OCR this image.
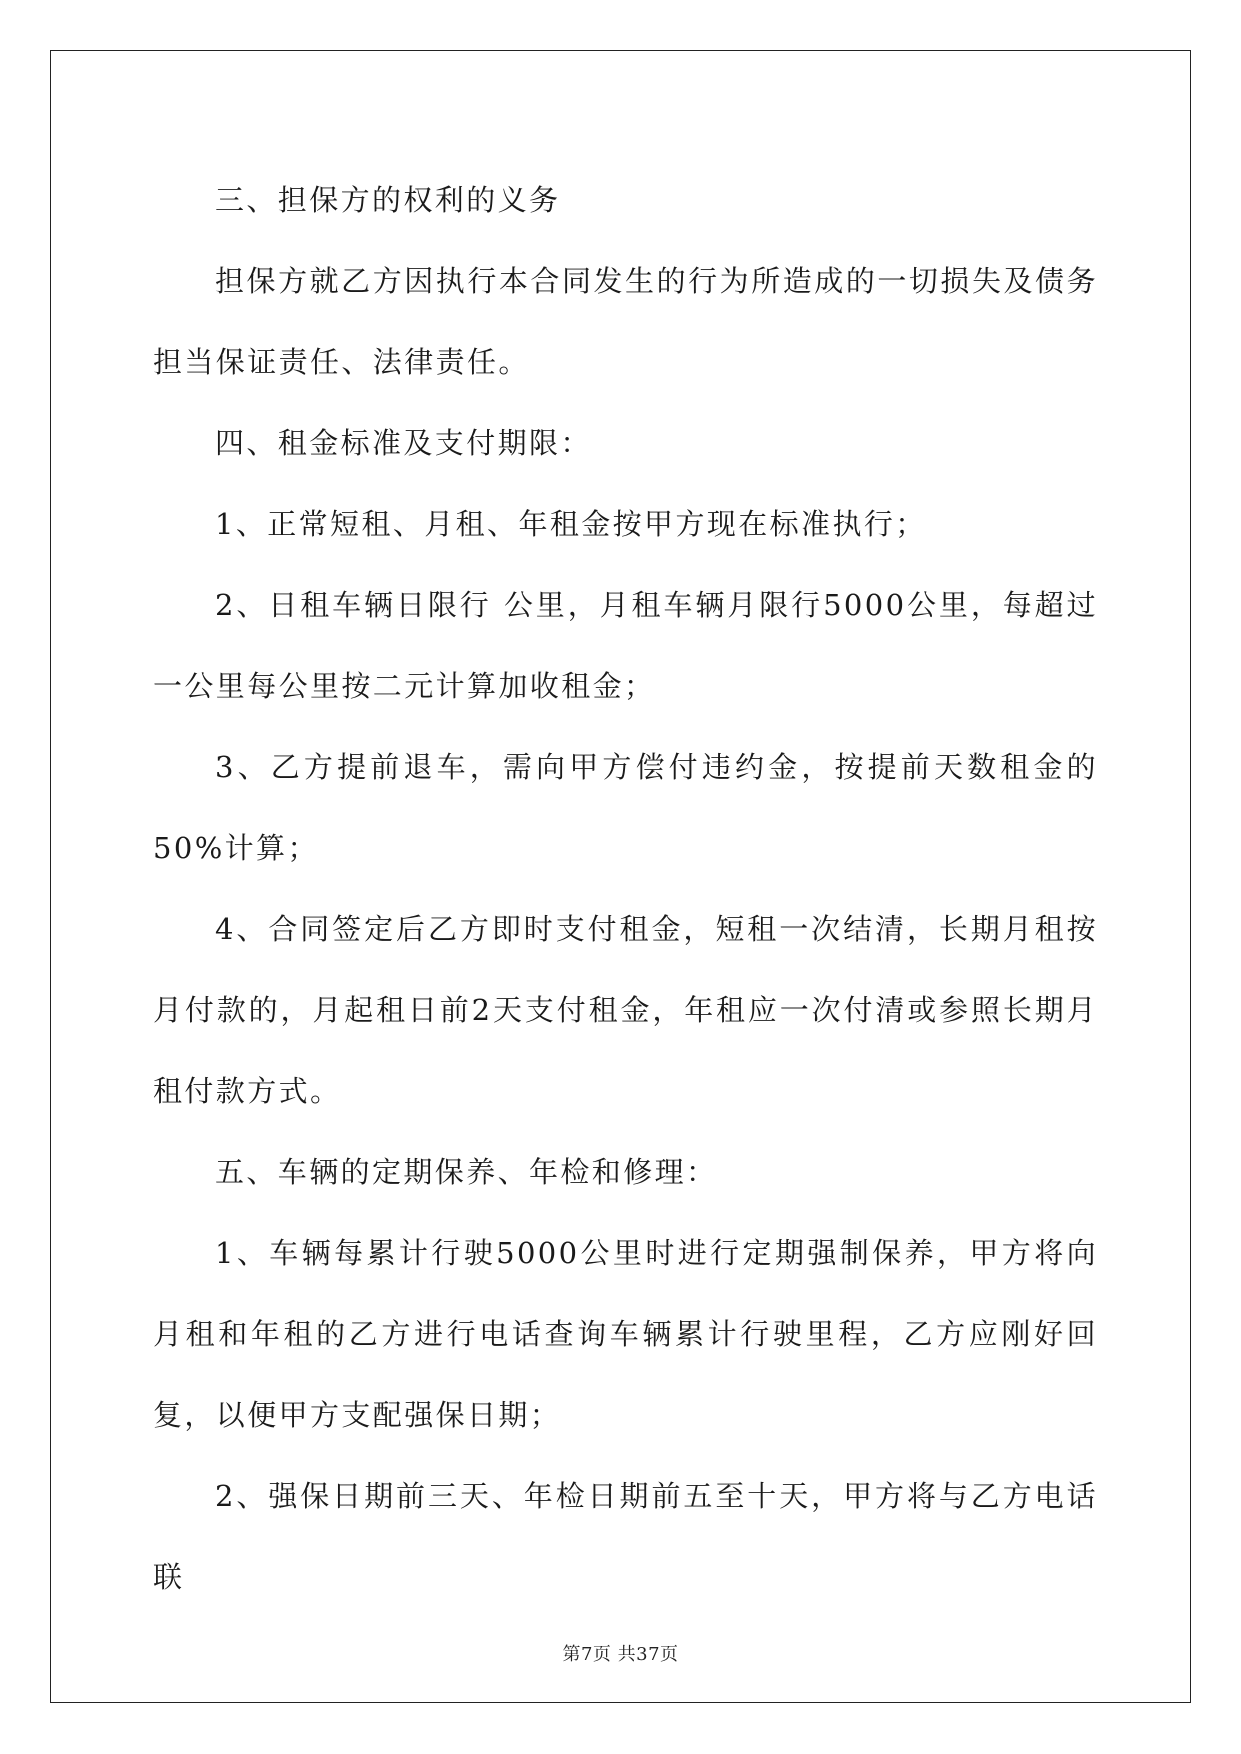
三、担保方的权利的义务

担保方就乙方因执行本合同发生的行为所造成的一切损失及债务担当保证责任、法律责任。

四、租金标准及支付期限：

1、正常短租、月租、年租金按甲方现在标准执行；

2、日租车辆日限行 公里，月租车辆月限行5000公里，每超过一公里每公里按二元计算加收租金；

3、乙方提前退车，需向甲方偿付违约金，按提前天数租金的50%计算；

4、合同签定后乙方即时支付租金，短租一次结清，长期月租按月付款的，月起租日前2天支付租金，年租应一次付清或参照长期月租付款方式。

五、车辆的定期保养、年检和修理：

1、车辆每累计行驶5000公里时进行定期强制保养，甲方将向月租和年租的乙方进行电话查询车辆累计行驶里程，乙方应刚好回复，以便甲方支配强保日期；

2、强保日期前三天、年检日期前五至十天，甲方将与乙方电话联

第7页 共37页
